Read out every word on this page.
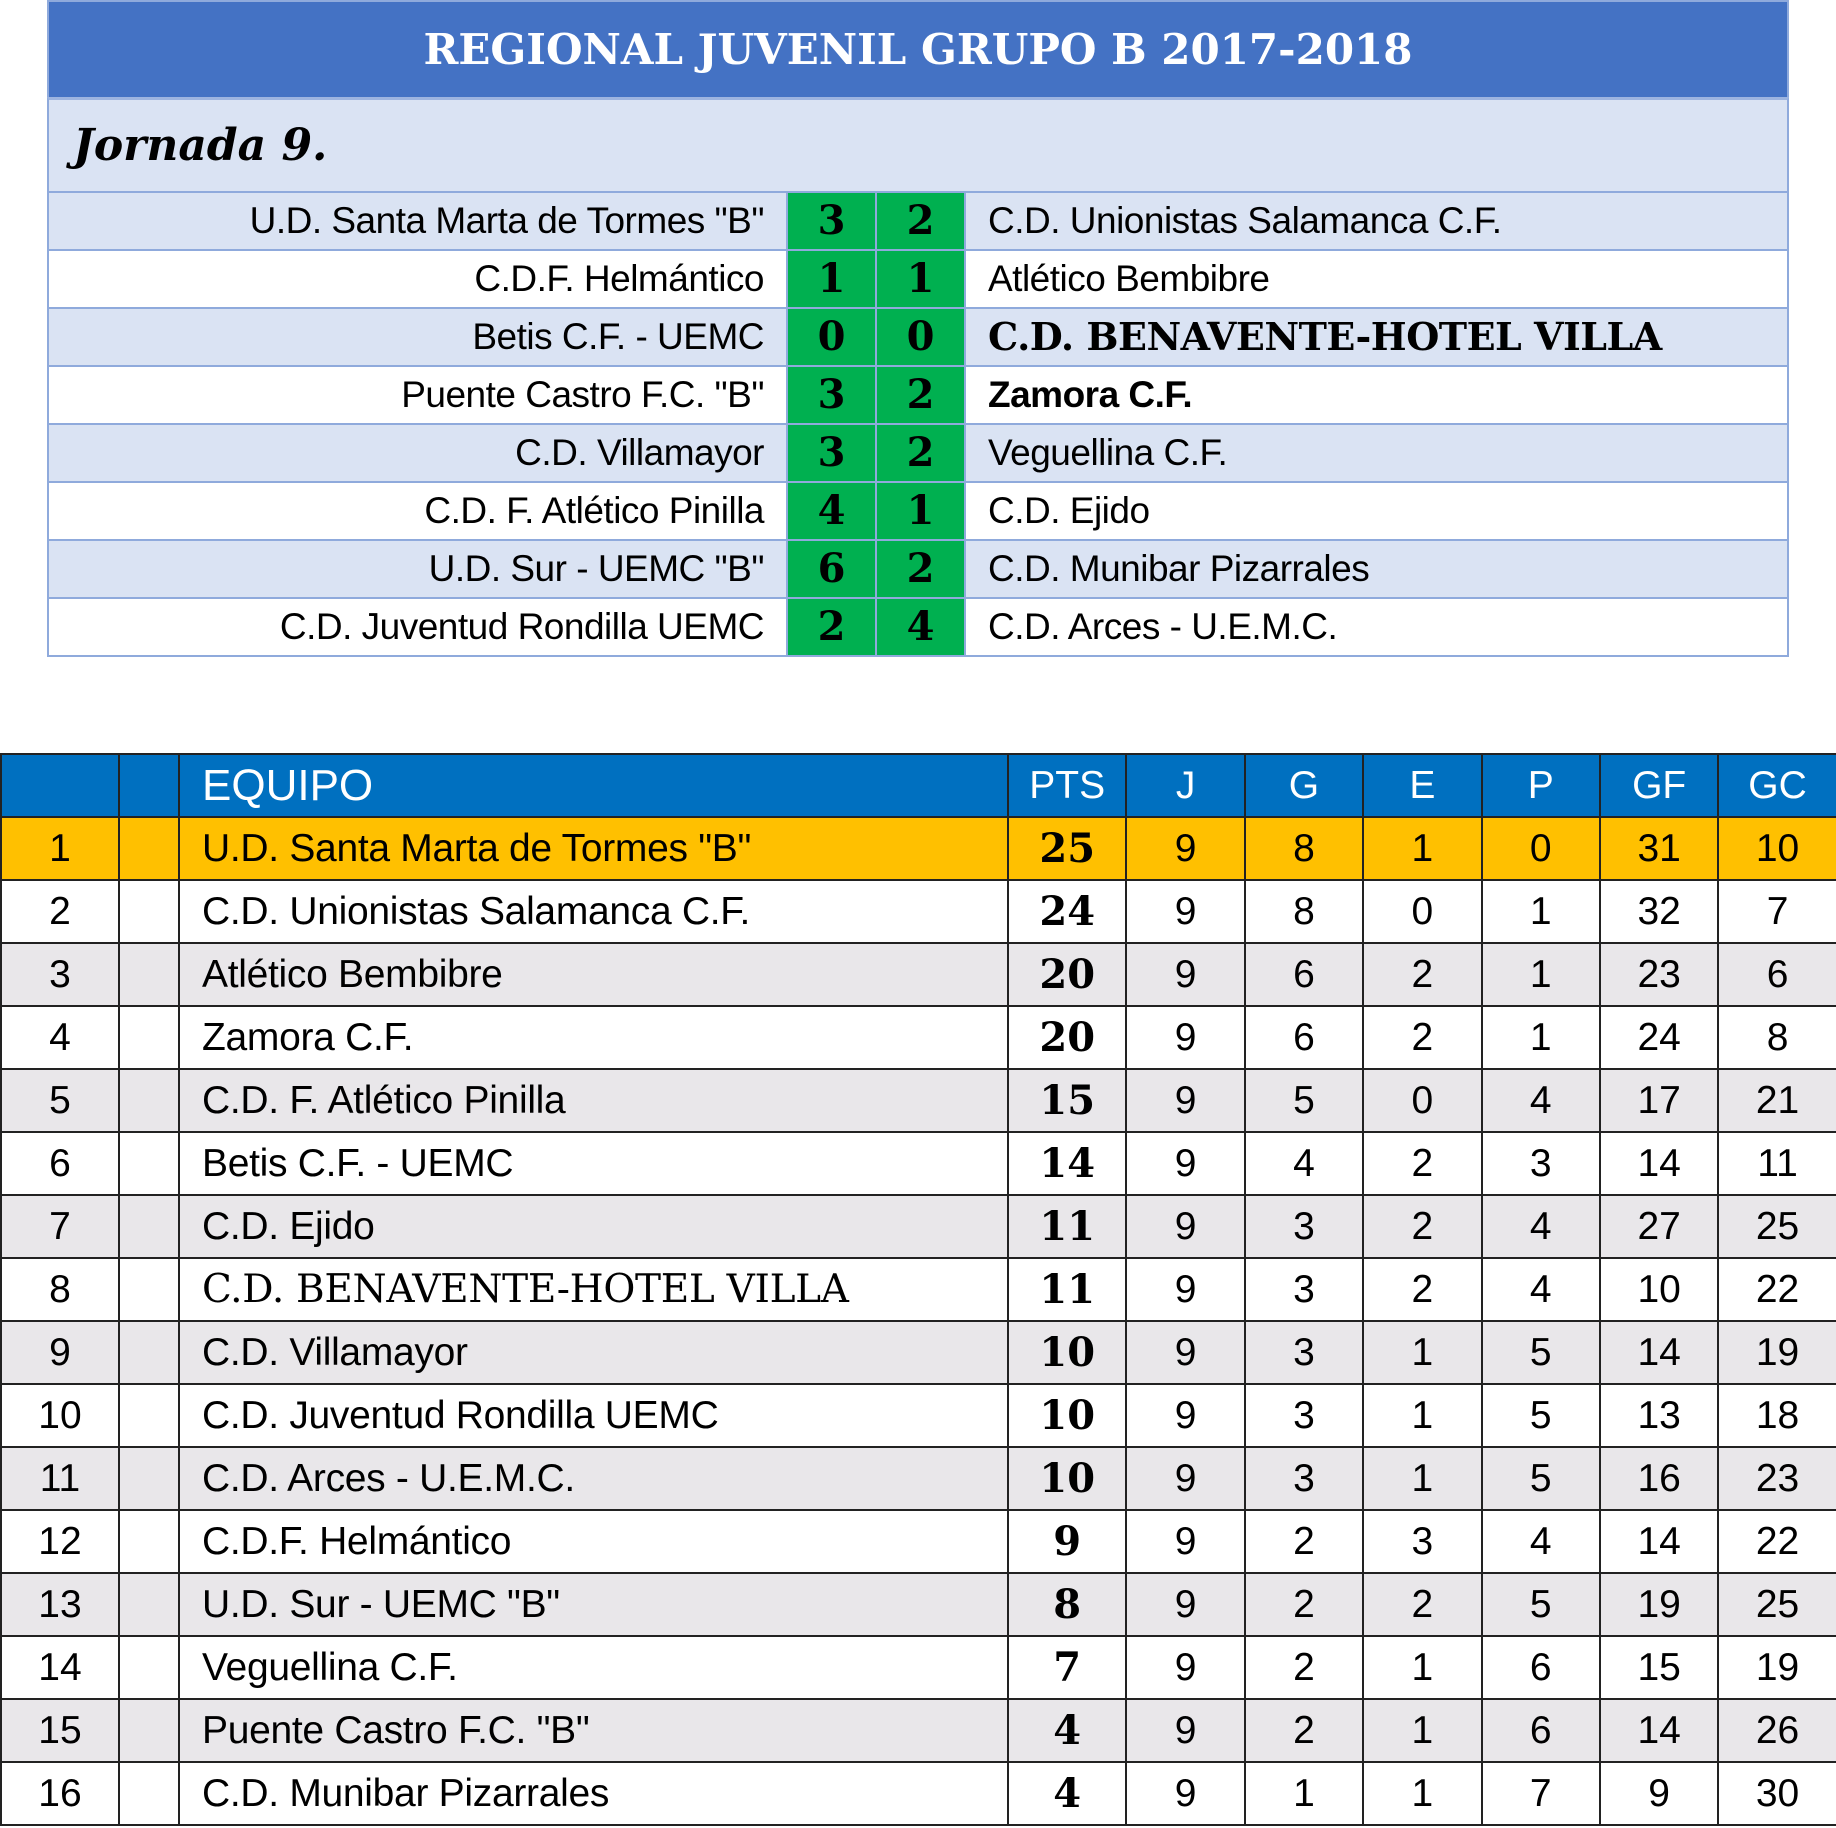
REGIONAL JUVENIL GRUPO B 2017-2018
Jornada 9.
U.D. Santa Marta de Tormes "B"	3	2	C.D. Unionistas Salamanca C.F.
C.D.F. Helmántico	1	1	Atlético Bembibre
Betis C.F. - UEMC	0	0	C.D. BENAVENTE-HOTEL VILLA
Puente Castro F.C. "B"	3	2	Zamora C.F.
C.D. Villamayor	3	2	Veguellina C.F.
C.D. F. Atlético Pinilla	4	1	C.D. Ejido
U.D. Sur - UEMC "B"	6	2	C.D. Munibar Pizarrales
C.D. Juventud Rondilla UEMC	2	4	C.D. Arces - U.E.M.C.
		EQUIPO	PTS	J	G	E	P	GF	GC
1		U.D. Santa Marta de Tormes "B"	25	9	8	1	0	31	10
2		C.D. Unionistas Salamanca C.F.	24	9	8	0	1	32	7
3		Atlético Bembibre	20	9	6	2	1	23	6
4		Zamora C.F.	20	9	6	2	1	24	8
5		C.D. F. Atlético Pinilla	15	9	5	0	4	17	21
6		Betis C.F. - UEMC	14	9	4	2	3	14	11
7		C.D. Ejido	11	9	3	2	4	27	25
8		C.D. BENAVENTE-HOTEL VILLA	11	9	3	2	4	10	22
9		C.D. Villamayor	10	9	3	1	5	14	19
10		C.D. Juventud Rondilla UEMC	10	9	3	1	5	13	18
11		C.D. Arces - U.E.M.C.	10	9	3	1	5	16	23
12		C.D.F. Helmántico	9	9	2	3	4	14	22
13		U.D. Sur - UEMC "B"	8	9	2	2	5	19	25
14		Veguellina C.F.	7	9	2	1	6	15	19
15		Puente Castro F.C. "B"	4	9	2	1	6	14	26
16		C.D. Munibar Pizarrales	4	9	1	1	7	9	30
